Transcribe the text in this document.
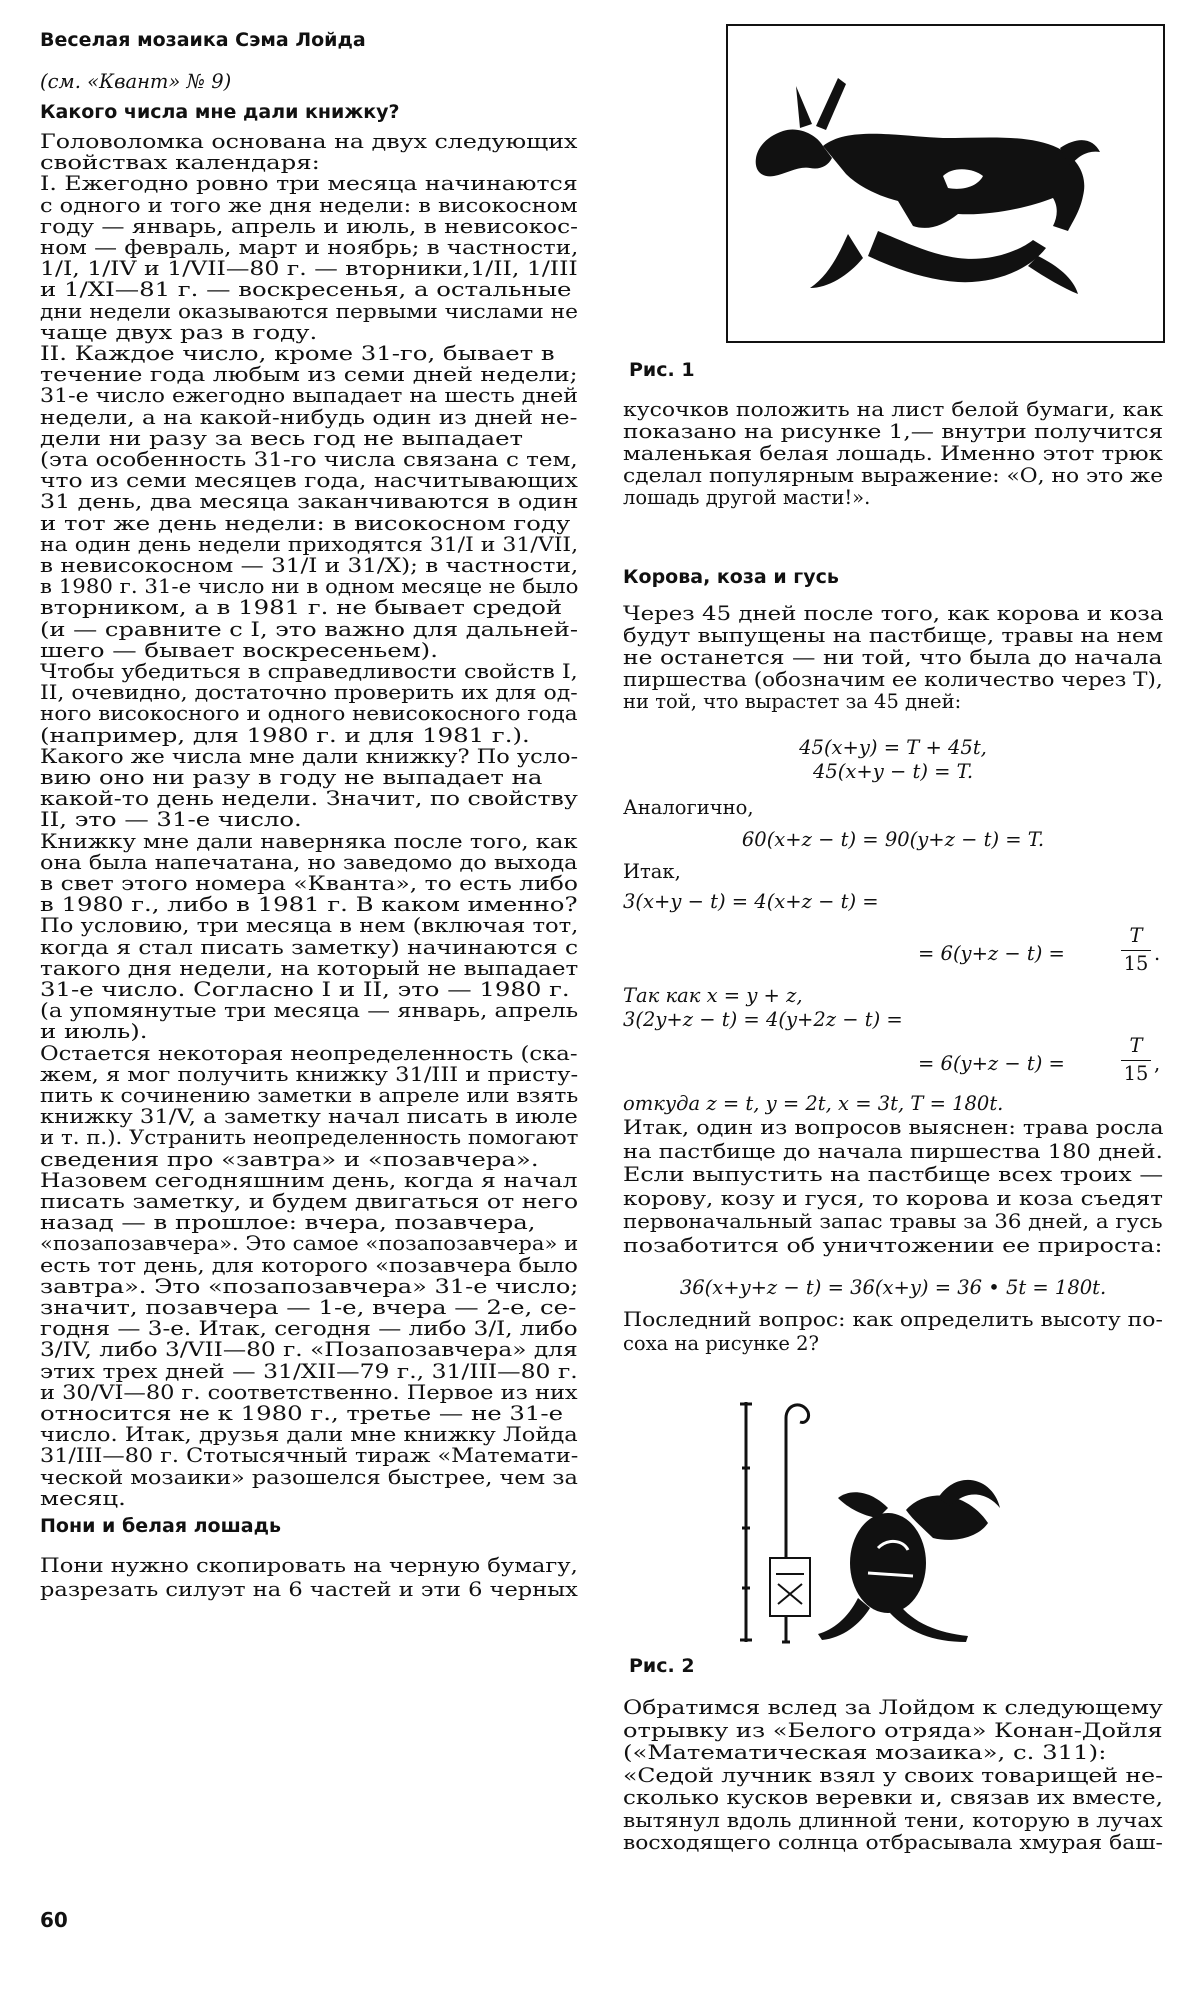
Веселая мозаика Сэма Лойда
(см. «Квант» № 9)
Какого числа мне дали книжку?
Головоломка основана на двух следующих
свойствах календаря:
I. Ежегодно ровно три месяца начинаются
с одного и того же дня недели: в високосном
году — январь, апрель и июль, в невисокос-
ном — февраль, март и ноябрь; в частности,
1/I, 1/IV и 1/VII—80 г. — вторники,1/II, 1/III
и 1/XI—81 г. — воскресенья, а остальные
дни недели оказываются первыми числами не
чаще двух раз в году.
II. Каждое число, кроме 31-го, бывает в
течение года любым из семи дней недели;
31-е число ежегодно выпадает на шесть дней
недели, а на какой-нибудь один из дней не-
дели ни разу за весь год не выпадает
(эта особенность 31-го числа связана с тем,
что из семи месяцев года, насчитывающих
31 день, два месяца заканчиваются в один
и тот же день недели: в високосном году
на один день недели приходятся 31/I и 31/VII,
в невисокосном — 31/I и 31/X); в частности,
в 1980 г. 31-е число ни в одном месяце не было
вторником, а в 1981 г. не бывает средой
(и — сравните с I, это важно для дальней-
шего — бывает воскресеньем).
Чтобы убедиться в справедливости свойств I,
II, очевидно, достаточно проверить их для од-
ного високосного и одного невисокосного года
(например, для 1980 г. и для 1981 г.).
Какого же числа мне дали книжку? По усло-
вию оно ни разу в году не выпадает на
какой-то день недели. Значит, по свойству
II, это — 31-е число.
Книжку мне дали наверняка после того, как
она была напечатана, но заведомо до выхода
в свет этого номера «Кванта», то есть либо
в 1980 г., либо в 1981 г. В каком именно?
По условию, три месяца в нем (включая тот,
когда я стал писать заметку) начинаются с
такого дня недели, на который не выпадает
31-е число. Согласно I и II, это — 1980 г.
(а упомянутые три месяца — январь, апрель
и июль).
Остается некоторая неопределенность (ска-
жем, я мог получить книжку 31/III и присту-
пить к сочинению заметки в апреле или взять
книжку 31/V, а заметку начал писать в июле
и т. п.). Устранить неопределенность помогают
сведения про «завтра» и «позавчера».
Назовем сегодняшним день, когда я начал
писать заметку, и будем двигаться от него
назад — в прошлое: вчера, позавчера,
«позапозавчера». Это самое «позапозавчера» и
есть тот день, для которого «позавчера было
завтра». Это «позапозавчера» 31-е число;
значит, позавчера — 1-е, вчера — 2-е, се-
годня — 3-е. Итак, сегодня — либо 3/I, либо
3/IV, либо 3/VII—80 г. «Позапозавчера» для
этих трех дней — 31/XII—79 г., 31/III—80 г.
и 30/VI—80 г. соответственно. Первое из них
относится не к 1980 г., третье — не 31-е
число. Итак, друзья дали мне книжку Лойда
31/III—80 г. Стотысячный тираж «Математи-
ческой мозаики» разошелся быстрее, чем за
месяц.
Пони и белая лошадь
Пони нужно скопировать на черную бумагу,
разрезать силуэт на 6 частей и эти 6 черных
Рис. 1
кусочков положить на лист белой бумаги, как
показано на рисунке 1,— внутри получится
маленькая белая лошадь. Именно этот трюк
сделал популярным выражение: «О, но это же
лошадь другой масти!».
Корова, коза и гусь
Через 45 дней после того, как корова и коза
будут выпущены на пастбище, травы на нем
не останется — ни той, что была до начала
пиршества (обозначим ее количество через T),
ни той, что вырастет за 45 дней:
45(x+y) = T + 45t,
45(x+y − t) = T.
Аналогично,
60(x+z − t) = 90(y+z − t) = T.
Итак,
3(x+y − t) = 4(x+z − t) =
= 6(y+z − t) =
T
15 .
Так как x = y + z,
3(2y+z − t) = 4(y+2z − t) =
= 6(y+z − t) =
T
15 ,
откуда z = t, y = 2t, x = 3t, T = 180t.
Итак, один из вопросов выяснен: трава росла
на пастбище до начала пиршества 180 дней.
Если выпустить на пастбище всех троих —
корову, козу и гуся, то корова и коза съедят
первоначальный запас травы за 36 дней, а гусь
позаботится об уничтожении ее прироста:
36(x+y+z − t) = 36(x+y) = 36 • 5t = 180t.
Последний вопрос: как определить высоту по-
соха на рисунке 2?
Рис. 2
Обратимся вслед за Лойдом к следующему
отрывку из «Белого отряда» Конан-Дойля
(«Математическая мозаика», с. 311):
«Седой лучник взял у своих товарищей не-
сколько кусков веревки и, связав их вместе,
вытянул вдоль длинной тени, которую в лучах
восходящего солнца отбрасывала хмурая баш-
60
